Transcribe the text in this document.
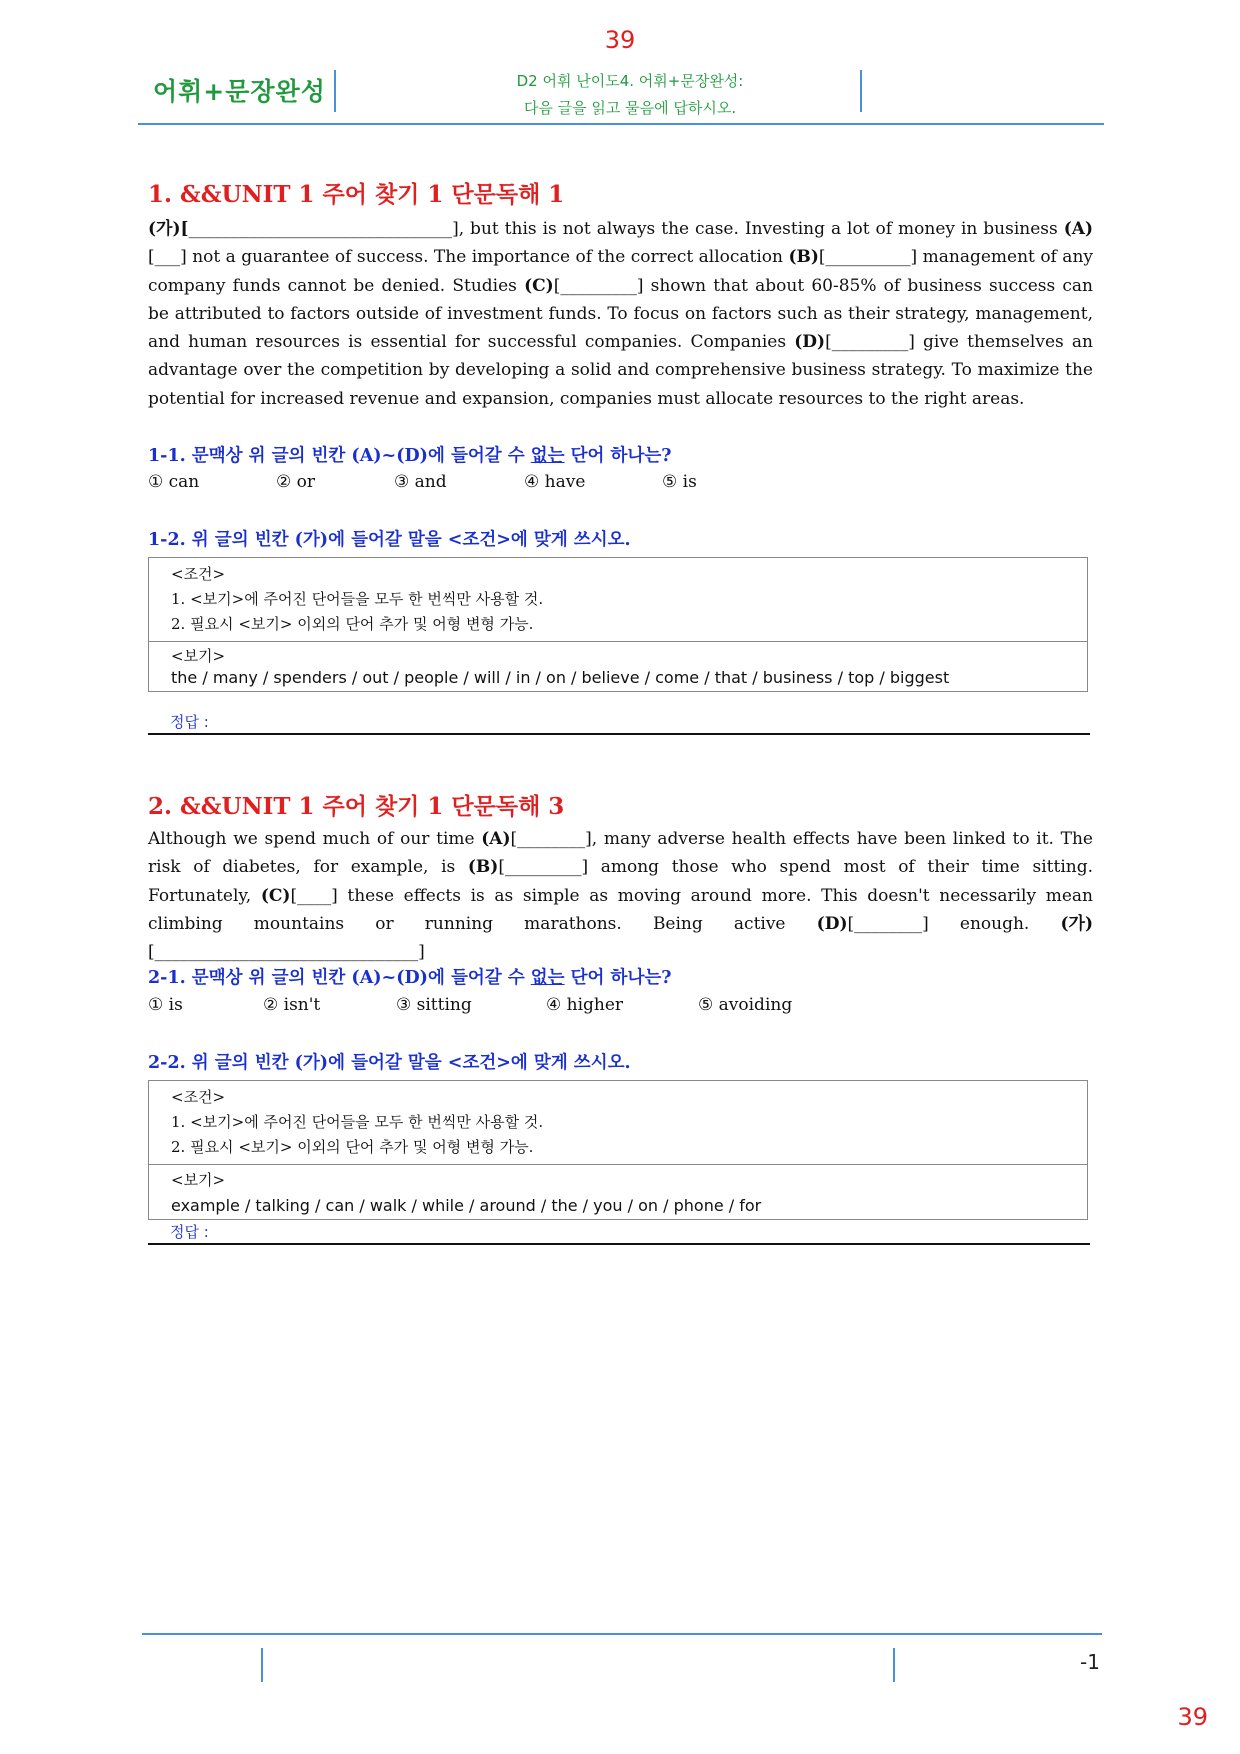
39
어휘+문장완성	D2 어휘 난이도4. 어휘+문장완성:
다음 글을 읽고 물음에 답하시오.
1. &&UNIT 1 주어 찾기 1 단문독해 1
(가)[_______________________________], but this is not always the case. Investing a lot of money in business (A)[___] not a guarantee of success. The importance of the correct allocation (B)[__________] management of any company funds cannot be denied. Studies (C)[_________] shown that about 60-85% of business success can be attributed to factors outside of investment funds. To focus on factors such as their strategy, management, and human resources is essential for successful companies. Companies (D)[_________] give themselves an advantage over the competition by developing a solid and comprehensive business strategy. To maximize the potential for increased revenue and expansion, companies must allocate resources to the right areas.
1-1. 문맥상 위 글의 빈칸 (A)~(D)에 들어갈 수 없는 단어 하나는?
① can	② or	③ and	④ have	⑤ is
1-2. 위 글의 빈칸 (가)에 들어갈 말을 <조건>에 맞게 쓰시오.
<조건>
1. <보기>에 주어진 단어들을 모두 한 번씩만 사용할 것.
2. 필요시 <보기> 이외의 단어 추가 및 어형 변형 가능.
<보기>
the / many / spenders / out / people / will / in / on / believe / come / that / business / top / biggest
정답 :
2. &&UNIT 1 주어 찾기 1 단문독해 3
Although we spend much of our time (A)[________], many adverse health effects have been linked to it. The risk of diabetes, for example, is (B)[_________] among those who spend most of their time sitting. Fortunately, (C)[____] these effects is as simple as moving around more. This doesn't necessarily mean climbing mountains or running marathons. Being active (D)[________] enough. (가)[_______________________________]
2-1. 문맥상 위 글의 빈칸 (A)~(D)에 들어갈 수 없는 단어 하나는?
① is	② isn't	③ sitting	④ higher	⑤ avoiding
2-2. 위 글의 빈칸 (가)에 들어갈 말을 <조건>에 맞게 쓰시오.
<조건>
1. <보기>에 주어진 단어들을 모두 한 번씩만 사용할 것.
2. 필요시 <보기> 이외의 단어 추가 및 어형 변형 가능.
<보기>
example / talking / can / walk / while / around / the / you / on / phone / for
정답 :
-1
39
